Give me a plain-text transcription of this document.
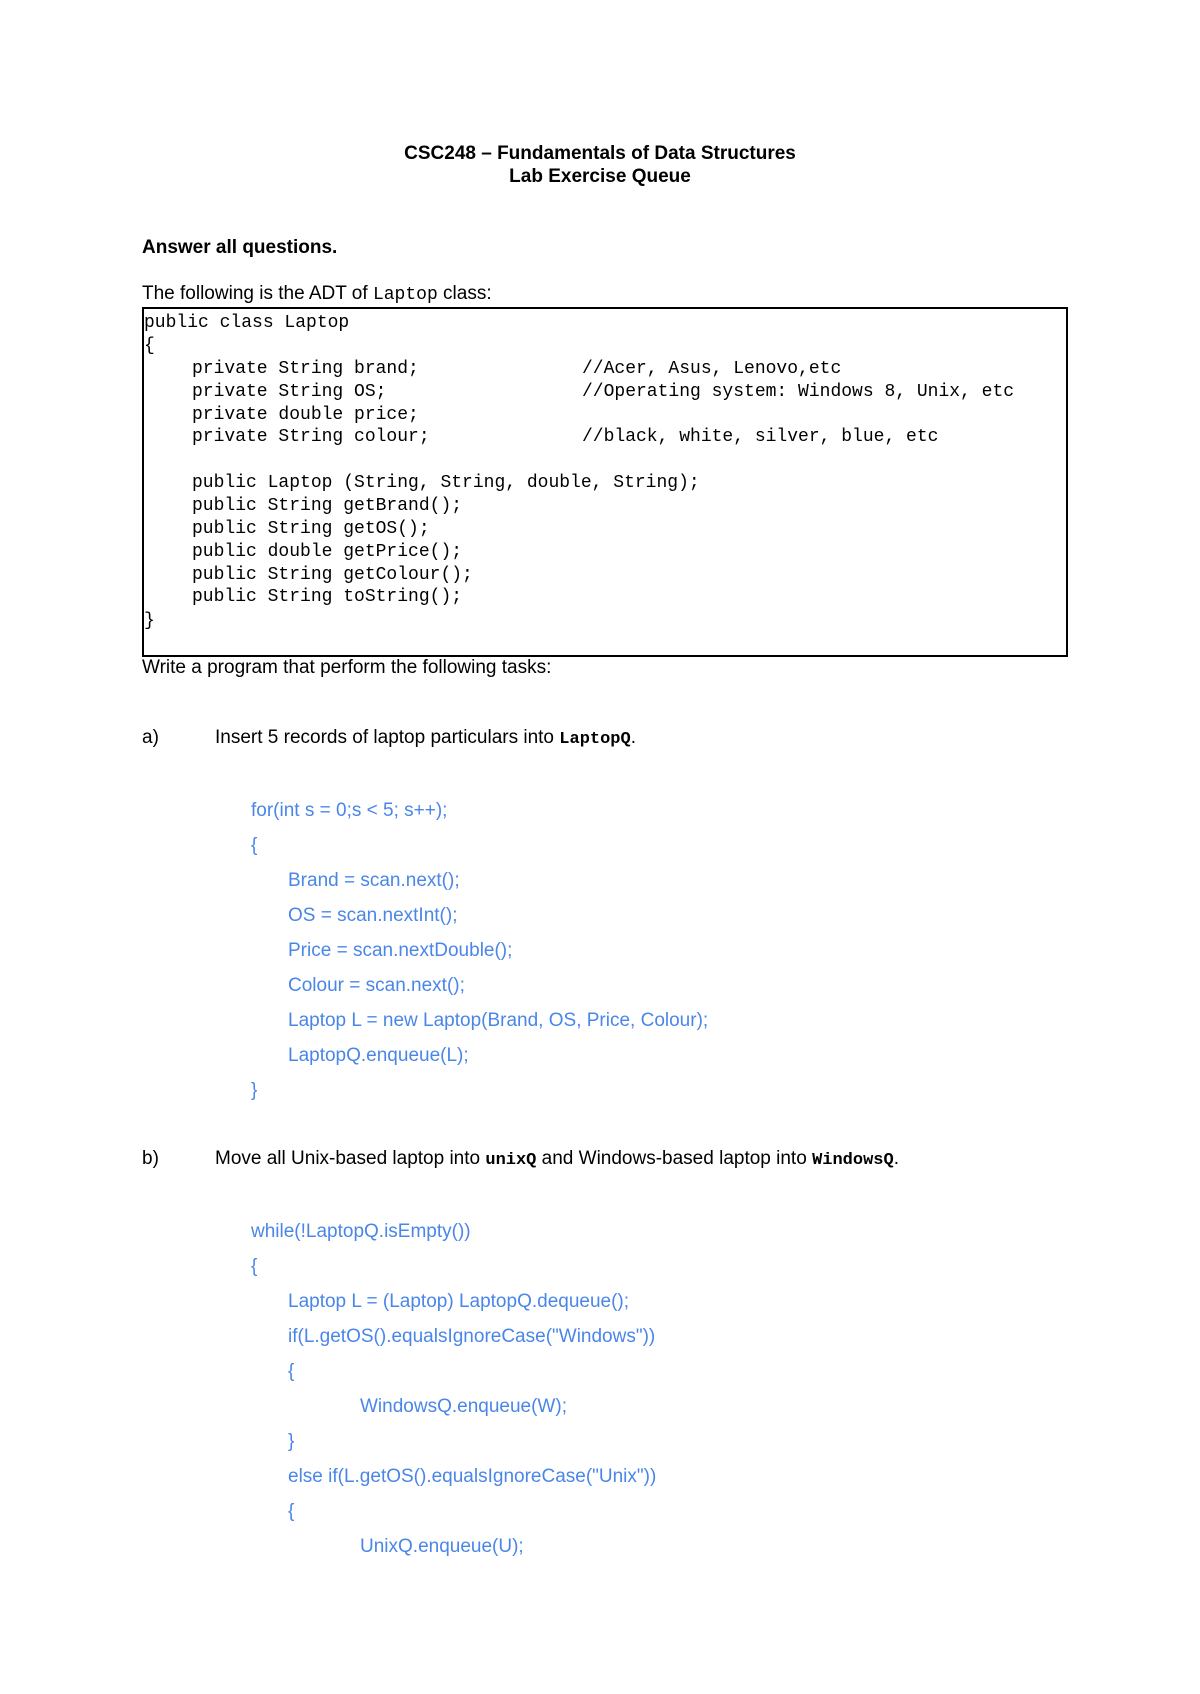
CSC248 – Fundamentals of Data Structures
Lab Exercise Queue
Answer all questions.
The following is the ADT of Laptop class:
public class Laptop
{
private String brand;	//Acer, Asus, Lenovo,etc
private String OS;	//Operating system: Windows 8, Unix, etc
private double price;
private String colour;	//black, white, silver, blue, etc
public Laptop (String, String, double, String);
public String getBrand();
public String getOS();
public double getPrice();
public String getColour();
public String toString();
}
Write a program that perform the following tasks:
a)	Insert 5 records of laptop particulars into LaptopQ.
for(int s = 0;s < 5; s++);
{
Brand = scan.next();
OS = scan.nextInt();
Price = scan.nextDouble();
Colour = scan.next();
Laptop L = new Laptop(Brand, OS, Price, Colour);
LaptopQ.enqueue(L);
}
b)	Move all Unix-based laptop into unixQ and Windows-based laptop into WindowsQ.
while(!LaptopQ.isEmpty())
{
Laptop L = (Laptop) LaptopQ.dequeue();
if(L.getOS().equalsIgnoreCase("Windows"))
{
WindowsQ.enqueue(W);
}
else if(L.getOS().equalsIgnoreCase("Unix"))
{
UnixQ.enqueue(U);
